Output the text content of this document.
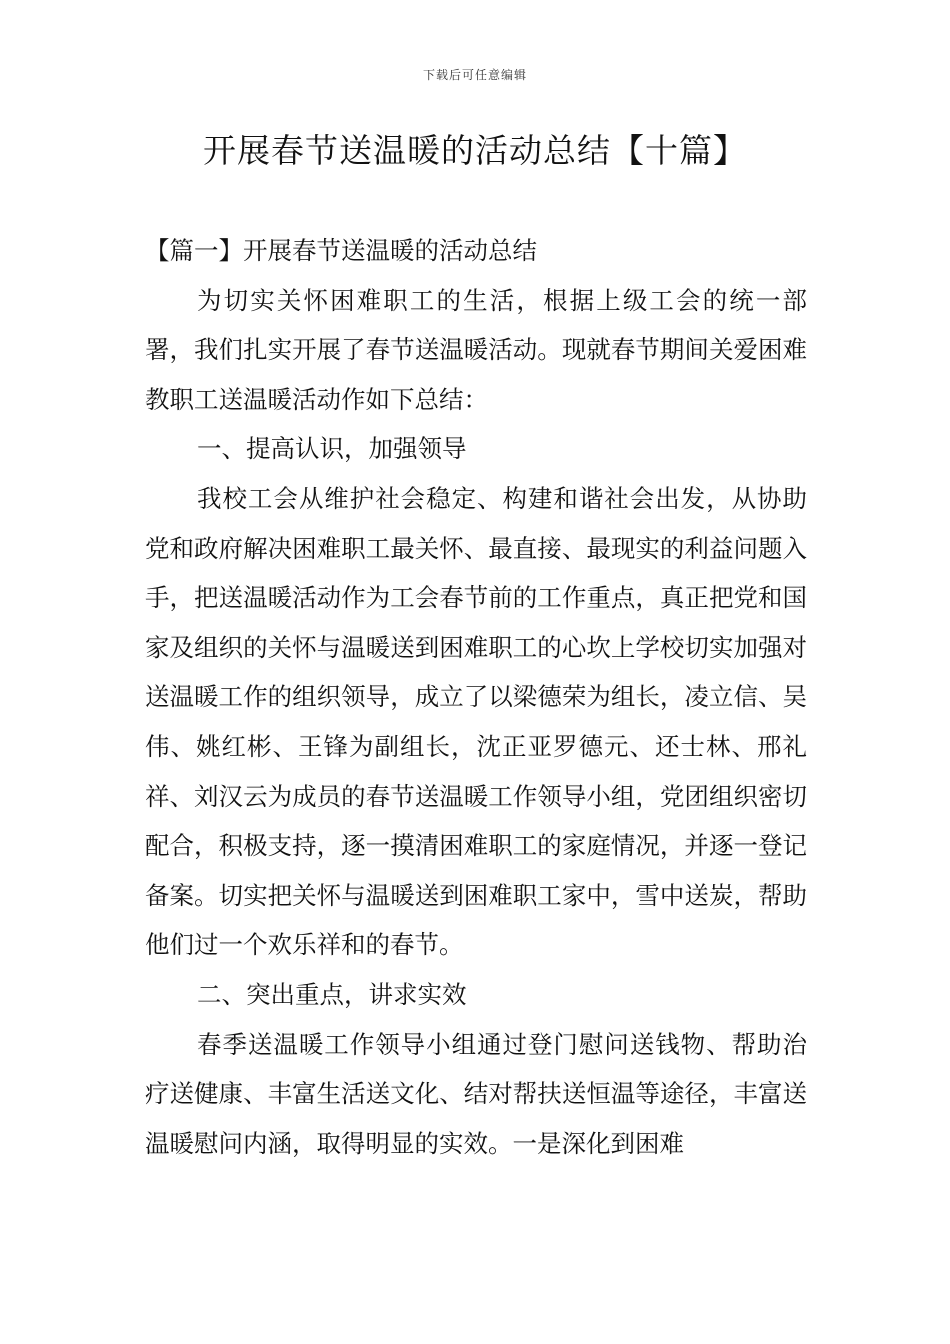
下载后可任意编辑
开展春节送温暖的活动总结【十篇】

【篇一】开展春节送温暖的活动总结

为切实关怀困难职工的生活，根据上级工会的统一部署，我们扎实开展了春节送温暖活动。现就春节期间关爱困难教职工送温暖活动作如下总结：

一、提高认识，加强领导

我校工会从维护社会稳定、构建和谐社会出发，从协助党和政府解决困难职工最关怀、最直接、最现实的利益问题入手，把送温暖活动作为工会春节前的工作重点，真正把党和国家及组织的关怀与温暖送到困难职工的心坎上学校切实加强对送温暖工作的组织领导，成立了以梁德荣为组长，凌立信、吴伟、姚红彬、王锋为副组长，沈正亚罗德元、还士林、邢礼祥、刘汉云为成员的春节送温暖工作领导小组，党团组织密切配合，积极支持，逐一摸清困难职工的家庭情况，并逐一登记备案。切实把关怀与温暖送到困难职工家中，雪中送炭，帮助他们过一个欢乐祥和的春节。

二、突出重点，讲求实效

春季送温暖工作领导小组通过登门慰问送钱物、帮助治疗送健康、丰富生活送文化、结对帮扶送恒温等途径，丰富送温暖慰问内涵，取得明显的实效。一是深化到困难
